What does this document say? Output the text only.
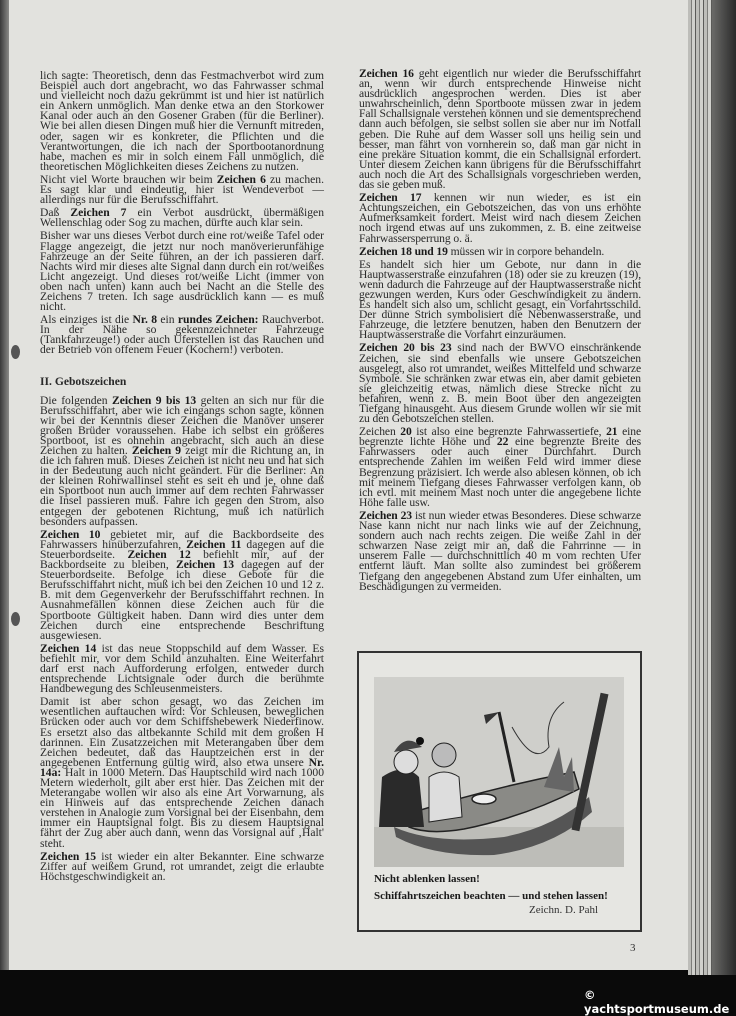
lich sagte: Theoretisch, denn das Festmachverbot wird zum Beispiel auch dort angebracht, wo das Fahrwasser schmal und vielleicht noch dazu gekrümmt ist und hier ist natürlich ein Ankern unmöglich. Man denke etwa an den Storkower Kanal oder auch an den Gosener Graben (für die Berliner). Wie bei allen diesen Dingen muß hier die Vernunft mitreden, oder, sagen wir es konkreter, die Pflichten und die Verantwortungen, die ich nach der Sportbootanordnung habe, machen es mir in solch einem Fall unmöglich, die theoretischen Möglichkeiten dieses Zeichens zu nutzen.

Nicht viel Worte brauchen wir beim Zeichen 6 zu machen. Es sagt klar und eindeutig, hier ist Wendeverbot — allerdings nur für die Berufsschiffahrt.

Daß Zeichen 7 ein Verbot ausdrückt, übermäßigen Wellenschlag oder Sog zu machen, dürfte auch klar sein.

Bisher war uns dieses Verbot durch eine rot/weiße Tafel oder Flagge angezeigt, die jetzt nur noch manöverierunfähige Fahrzeuge an der Seite führen, an der ich passieren darf. Nachts wird mir dieses alte Signal dann durch ein rot/weißes Licht angezeigt. Und dieses rot/weiße Licht (immer von oben nach unten) kann auch bei Nacht an die Stelle des Zeichens 7 treten. Ich sage ausdrücklich kann — es muß nicht.

Als einziges ist die Nr. 8 ein rundes Zeichen: Rauchverbot. In der Nähe so gekennzeichneter Fahrzeuge (Tankfahrzeuge!) oder auch Uferstellen ist das Rauchen und der Betrieb von offenem Feuer (Kochern!) verboten.

II. Gebotszeichen

Die folgenden Zeichen 9 bis 13 gelten an sich nur für die Berufsschiffahrt, aber wie ich eingangs schon sagte, können wir bei der Kenntnis dieser Zeichen die Manöver unserer großen Brüder voraussehen. Habe ich selbst ein größeres Sportboot, ist es ohnehin angebracht, sich auch an diese Zeichen zu halten. Zeichen 9 zeigt mir die Richtung an, in die ich fahren muß. Dieses Zeichen ist nicht neu und hat sich in der Bedeutung auch nicht geändert. Für die Berliner: An der kleinen Rohrwallinsel steht es seit eh und je, ohne daß ein Sportboot nun auch immer auf dem rechten Fahrwasser die Insel passieren muß. Fahre ich gegen den Strom, also entgegen der gebotenen Richtung, muß ich natürlich besonders aufpassen.

Zeichen 10 gebietet mir, auf die Backbordseite des Fahrwassers hinüberzufahren, Zeichen 11 dagegen auf die Steuerbordseite. Zeichen 12 befiehlt mir, auf der Backbordseite zu bleiben, Zeichen 13 dagegen auf der Steuerbordseite. Befolge ich diese Gebote für die Berufsschiffahrt nicht, muß ich bei den Zeichen 10 und 12 z. B. mit dem Gegenverkehr der Berufsschiffahrt rechnen. In Ausnahmefällen können diese Zeichen auch für die Sportboote Gültigkeit haben. Dann wird dies unter dem Zeichen durch eine entsprechende Beschriftung ausgewiesen.

Zeichen 14 ist das neue Stoppschild auf dem Wasser. Es befiehlt mir, vor dem Schild anzuhalten. Eine Weiterfahrt darf erst nach Aufforderung erfolgen, entweder durch entsprechende Lichtsignale oder durch die berühmte Handbewegung des Schleusenmeisters.

Damit ist aber schon gesagt, wo das Zeichen im wesentlichen auftauchen wird: Vor Schleusen, beweglichen Brücken oder auch vor dem Schiffshebewerk Niederfinow. Es ersetzt also das altbekannte Schild mit dem großen H darinnen. Ein Zusatzzeichen mit Meterangaben über dem Zeichen bedeutet, daß das Hauptzeichen erst in der angegebenen Entfernung gültig wird, also etwa unsere Nr. 14a: Halt in 1000 Metern. Das Hauptschild wird nach 1000 Metern wiederholt, gilt aber erst hier. Das Zeichen mit der Meterangabe wollen wir also als eine Art Vorwarnung, als ein Hinweis auf das entsprechende Zeichen danach verstehen in Analogie zum Vorsignal bei der Eisenbahn, dem immer ein Hauptsignal folgt. Bis zu diesem Hauptsignal fährt der Zug aber auch dann, wenn das Vorsignal auf ‚Halt' steht.

Zeichen 15 ist wieder ein alter Bekannter. Eine schwarze Ziffer auf weißem Grund, rot umrandet, zeigt die erlaubte Höchstgeschwindigkeit an.

Zeichen 16 geht eigentlich nur wieder die Berufsschiffahrt an, wenn wir durch entsprechende Hinweise nicht ausdrücklich angesprochen werden. Dies ist aber unwahrscheinlich, denn Sportboote müssen zwar in jedem Fall Schallsignale verstehen können und sie dementsprechend dann auch befolgen, sie selbst sollen sie aber nur im Notfall geben. Die Ruhe auf dem Wasser soll uns heilig sein und besser, man fährt von vornherein so, daß man gar nicht in eine prekäre Situation kommt, die ein Schallsignal erfordert. Unter diesem Zeichen kann übrigens für die Berufsschiffahrt auch noch die Art des Schallsignals vorgeschrieben werden, das sie geben muß.

Zeichen 17 kennen wir nun wieder, es ist ein Achtungszeichen, ein Gebotszeichen, das von uns erhöhte Aufmerksamkeit fordert. Meist wird nach diesem Zeichen noch irgend etwas auf uns zukommen, z. B. eine zeitweise Fahrwassersperrung o. ä.

Zeichen 18 und 19 müssen wir in corpore behandeln.

Es handelt sich hier um Gebote, nur dann in die Hauptwasserstraße einzufahren (18) oder sie zu kreuzen (19), wenn dadurch die Fahrzeuge auf der Hauptwasserstraße nicht gezwungen werden, Kurs oder Geschwindigkeit zu ändern. Es handelt sich also um, schlicht gesagt, ein Vorfahrtsschild. Der dünne Strich symbolisiert die Nebenwasserstraße, und Fahrzeuge, die letztere benutzen, haben den Benutzern der Hauptwasserstraße die Vorfahrt einzuräumen.

Zeichen 20 bis 23 sind nach der BWVO einschränkende Zeichen, sie sind ebenfalls wie unsere Gebotszeichen ausgelegt, also rot umrandet, weißes Mittelfeld und schwarze Symbole. Sie schränken zwar etwas ein, aber damit gebieten sie gleichzeitig etwas, nämlich diese Strecke nicht zu befahren, wenn z. B. mein Boot über den angezeigten Tiefgang hinausgeht. Aus diesem Grunde wollen wir sie mit zu den Gebotszeichen stellen.

Zeichen 20 ist also eine begrenzte Fahrwassertiefe, 21 eine begrenzte lichte Höhe und 22 eine begrenzte Breite des Fahrwassers oder auch einer Durchfahrt. Durch entsprechende Zahlen im weißen Feld wird immer diese Begrenzung präzisiert. Ich werde also ablesen können, ob ich mit meinem Tiefgang dieses Fahrwasser verfolgen kann, ob ich evtl. mit meinem Mast noch unter die angegebene lichte Höhe falle usw.

Zeichen 23 ist nun wieder etwas Besonderes. Diese schwarze Nase kann nicht nur nach links wie auf der Zeichnung, sondern auch nach rechts zeigen. Die weiße Zahl in der schwarzen Nase zeigt mir an, daß die Fahrrinne — in unserem Falle — durchschnittlich 40 m vom rechten Ufer entfernt läuft. Man sollte also zumindest bei größerem Tiefgang den angegebenen Abstand zum Ufer einhalten, um Beschädigungen zu vermeiden.

Nicht ablenken lassen!
Schiffahrtszeichen beachten — und stehen lassen!
Zeichn. D. Pahl
3
© yachtsportmuseum.de
